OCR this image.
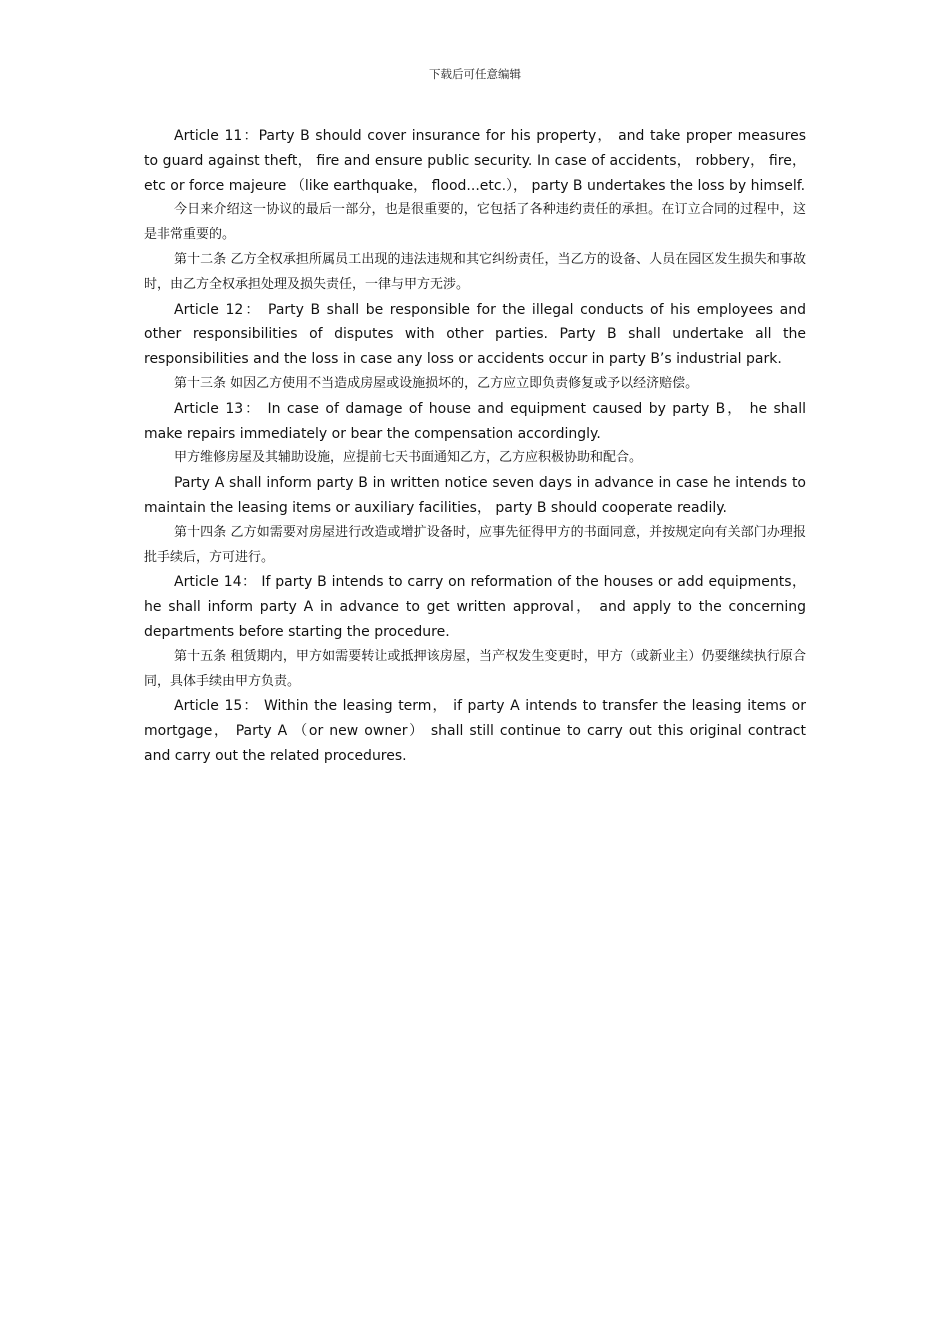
下载后可任意编辑

Article 11：Party B should cover insurance for his property， and take proper measures to guard against theft， fire and ensure public security. In case of accidents， robbery， fire， etc or force majeure （like earthquake， flood...etc.）， party B undertakes the loss by himself.

今日来介绍这一协议的最后一部分，也是很重要的，它包括了各种违约责任的承担。在订立合同的过程中，这是非常重要的。

第十二条 乙方全权承担所属员工出现的违法违规和其它纠纷责任，当乙方的设备、人员在园区发生损失和事故时，由乙方全权承担处理及损失责任，一律与甲方无涉。

Article 12： Party B shall be responsible for the illegal conducts of his employees and other responsibilities of disputes with other parties. Party B shall undertake all the responsibilities and the loss in case any loss or accidents occur in party B’s industrial park.

第十三条 如因乙方使用不当造成房屋或设施损坏的，乙方应立即负责修复或予以经济赔偿。

Article 13： In case of damage of house and equipment caused by party B， he shall make repairs immediately or bear the compensation accordingly.

甲方维修房屋及其辅助设施，应提前七天书面通知乙方，乙方应积极协助和配合。

Party A shall inform party B in written notice seven days in advance in case he intends to maintain the leasing items or auxiliary facilities， party B should cooperate readily.

第十四条 乙方如需要对房屋进行改造或增扩设备时，应事先征得甲方的书面同意，并按规定向有关部门办理报批手续后，方可进行。

Article 14： If party B intends to carry on reformation of the houses or add equipments， he shall inform party A in advance to get written approval， and apply to the concerning departments before starting the procedure.

第十五条 租赁期内，甲方如需要转让或抵押该房屋，当产权发生变更时，甲方（或新业主）仍要继续执行原合同，具体手续由甲方负责。

Article 15： Within the leasing term， if party A intends to transfer the leasing items or mortgage， Party A （or new owner） shall still continue to carry out this original contract and carry out the related procedures.
